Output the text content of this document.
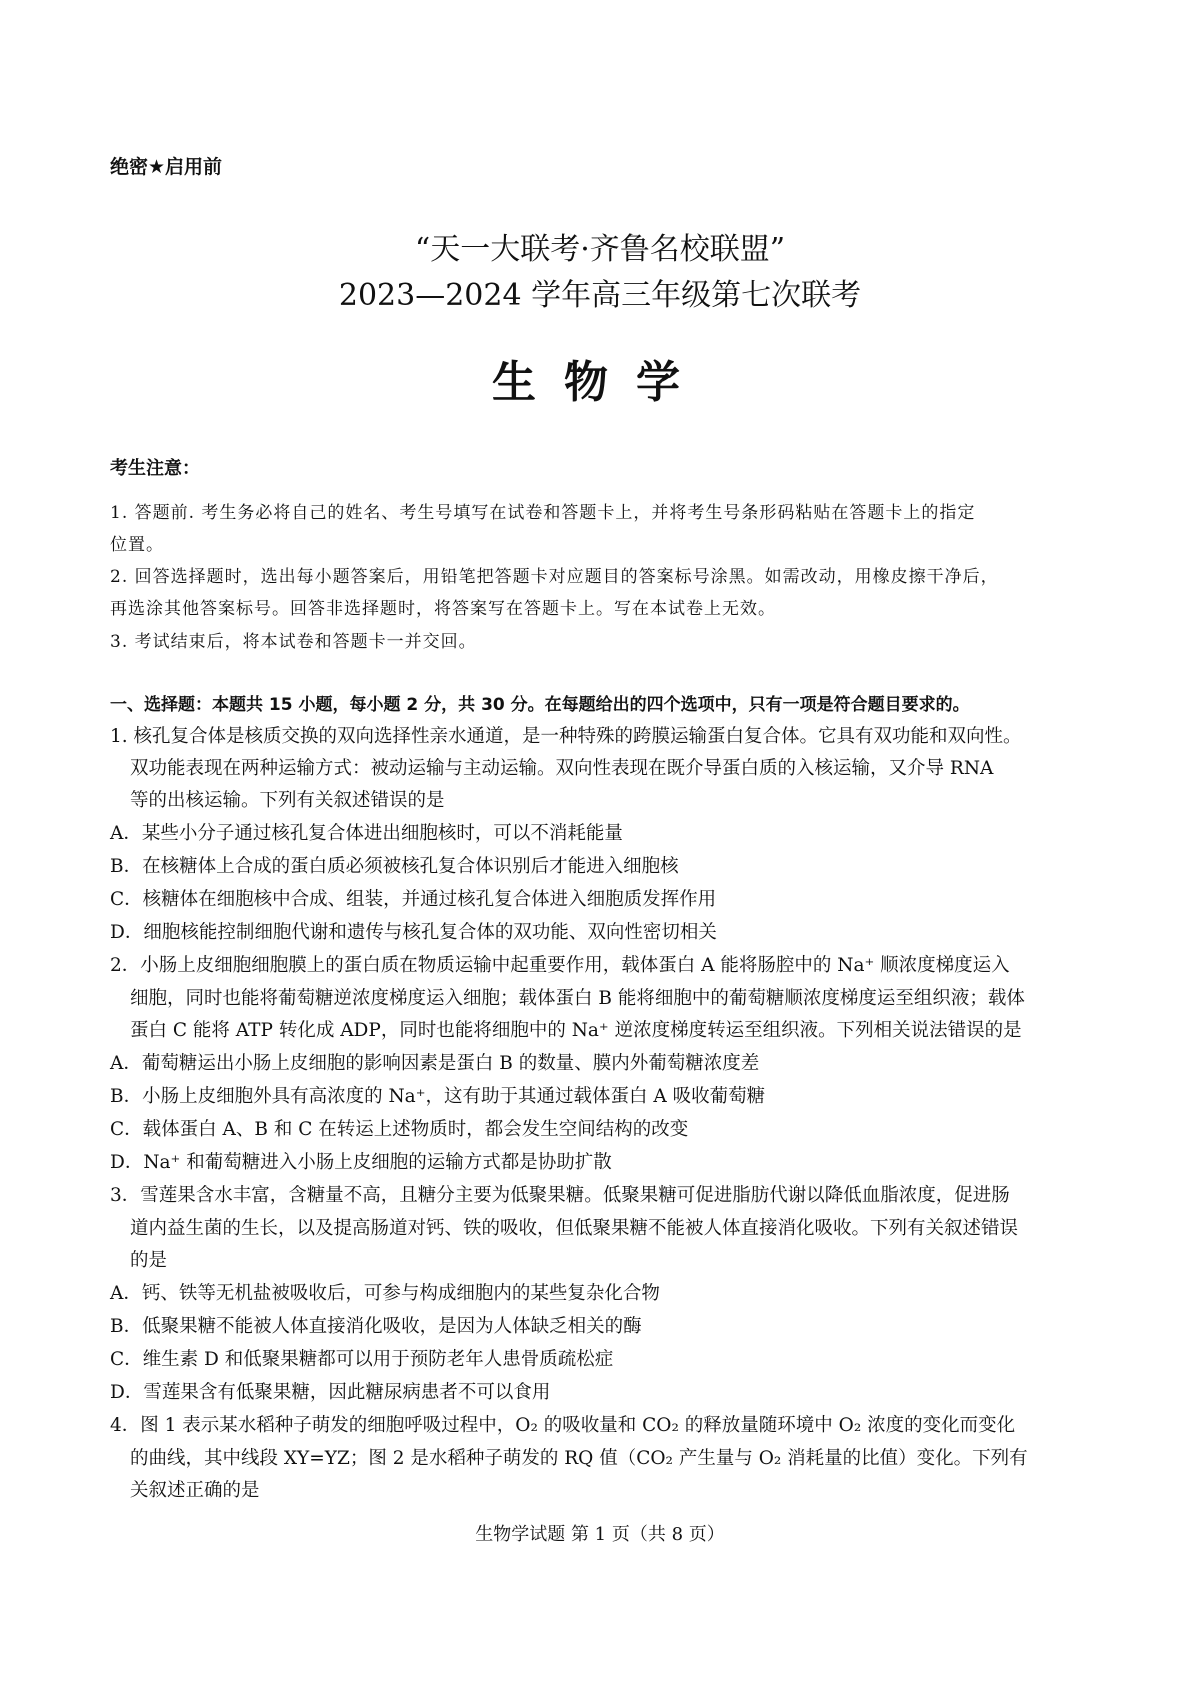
绝密★启用前
“天一大联考·齐鲁名校联盟”
2023—2024 学年高三年级第七次联考
生物学
考生注意：
1. 答题前. 考生务必将自己的姓名、考生号填写在试卷和答题卡上，并将考生号条形码粘贴在答题卡上的指定
位置。
2. 回答选择题时，选出每小题答案后，用铅笔把答题卡对应题目的答案标号涂黑。如需改动，用橡皮擦干净后，
再选涂其他答案标号。回答非选择题时，将答案写在答题卡上。写在本试卷上无效。
3. 考试结束后，将本试卷和答题卡一并交回。
一、选择题：本题共 15 小题，每小题 2 分，共 30 分。在每题给出的四个选项中，只有一项是符合题目要求的。
1. 核孔复合体是核质交换的双向选择性亲水通道，是一种特殊的跨膜运输蛋白复合体。它具有双功能和双向性。
双功能表现在两种运输方式：被动运输与主动运输。双向性表现在既介导蛋白质的入核运输，又介导 RNA
等的出核运输。下列有关叙述错误的是
A．某些小分子通过核孔复合体进出细胞核时，可以不消耗能量
B．在核糖体上合成的蛋白质必须被核孔复合体识别后才能进入细胞核
C．核糖体在细胞核中合成、组装，并通过核孔复合体进入细胞质发挥作用
D．细胞核能控制细胞代谢和遗传与核孔复合体的双功能、双向性密切相关
2．小肠上皮细胞细胞膜上的蛋白质在物质运输中起重要作用，载体蛋白 A 能将肠腔中的 Na⁺ 顺浓度梯度运入
细胞，同时也能将葡萄糖逆浓度梯度运入细胞；载体蛋白 B 能将细胞中的葡萄糖顺浓度梯度运至组织液；载体
蛋白 C 能将 ATP 转化成 ADP，同时也能将细胞中的 Na⁺ 逆浓度梯度转运至组织液。下列相关说法错误的是
A．葡萄糖运出小肠上皮细胞的影响因素是蛋白 B 的数量、膜内外葡萄糖浓度差
B．小肠上皮细胞外具有高浓度的 Na⁺，这有助于其通过载体蛋白 A 吸收葡萄糖
C．载体蛋白 A、B 和 C 在转运上述物质时，都会发生空间结构的改变
D．Na⁺ 和葡萄糖进入小肠上皮细胞的运输方式都是协助扩散
3．雪莲果含水丰富，含糖量不高，且糖分主要为低聚果糖。低聚果糖可促进脂肪代谢以降低血脂浓度，促进肠
道内益生菌的生长，以及提高肠道对钙、铁的吸收，但低聚果糖不能被人体直接消化吸收。下列有关叙述错误
的是
A．钙、铁等无机盐被吸收后，可参与构成细胞内的某些复杂化合物
B．低聚果糖不能被人体直接消化吸收，是因为人体缺乏相关的酶
C．维生素 D 和低聚果糖都可以用于预防老年人患骨质疏松症
D．雪莲果含有低聚果糖，因此糖尿病患者不可以食用
4．图 1 表示某水稻种子萌发的细胞呼吸过程中，O₂ 的吸收量和 CO₂ 的释放量随环境中 O₂ 浓度的变化而变化
的曲线，其中线段 XY=YZ；图 2 是水稻种子萌发的 RQ 值（CO₂ 产生量与 O₂ 消耗量的比值）变化。下列有
关叙述正确的是
生物学试题 第 1 页（共 8 页）
